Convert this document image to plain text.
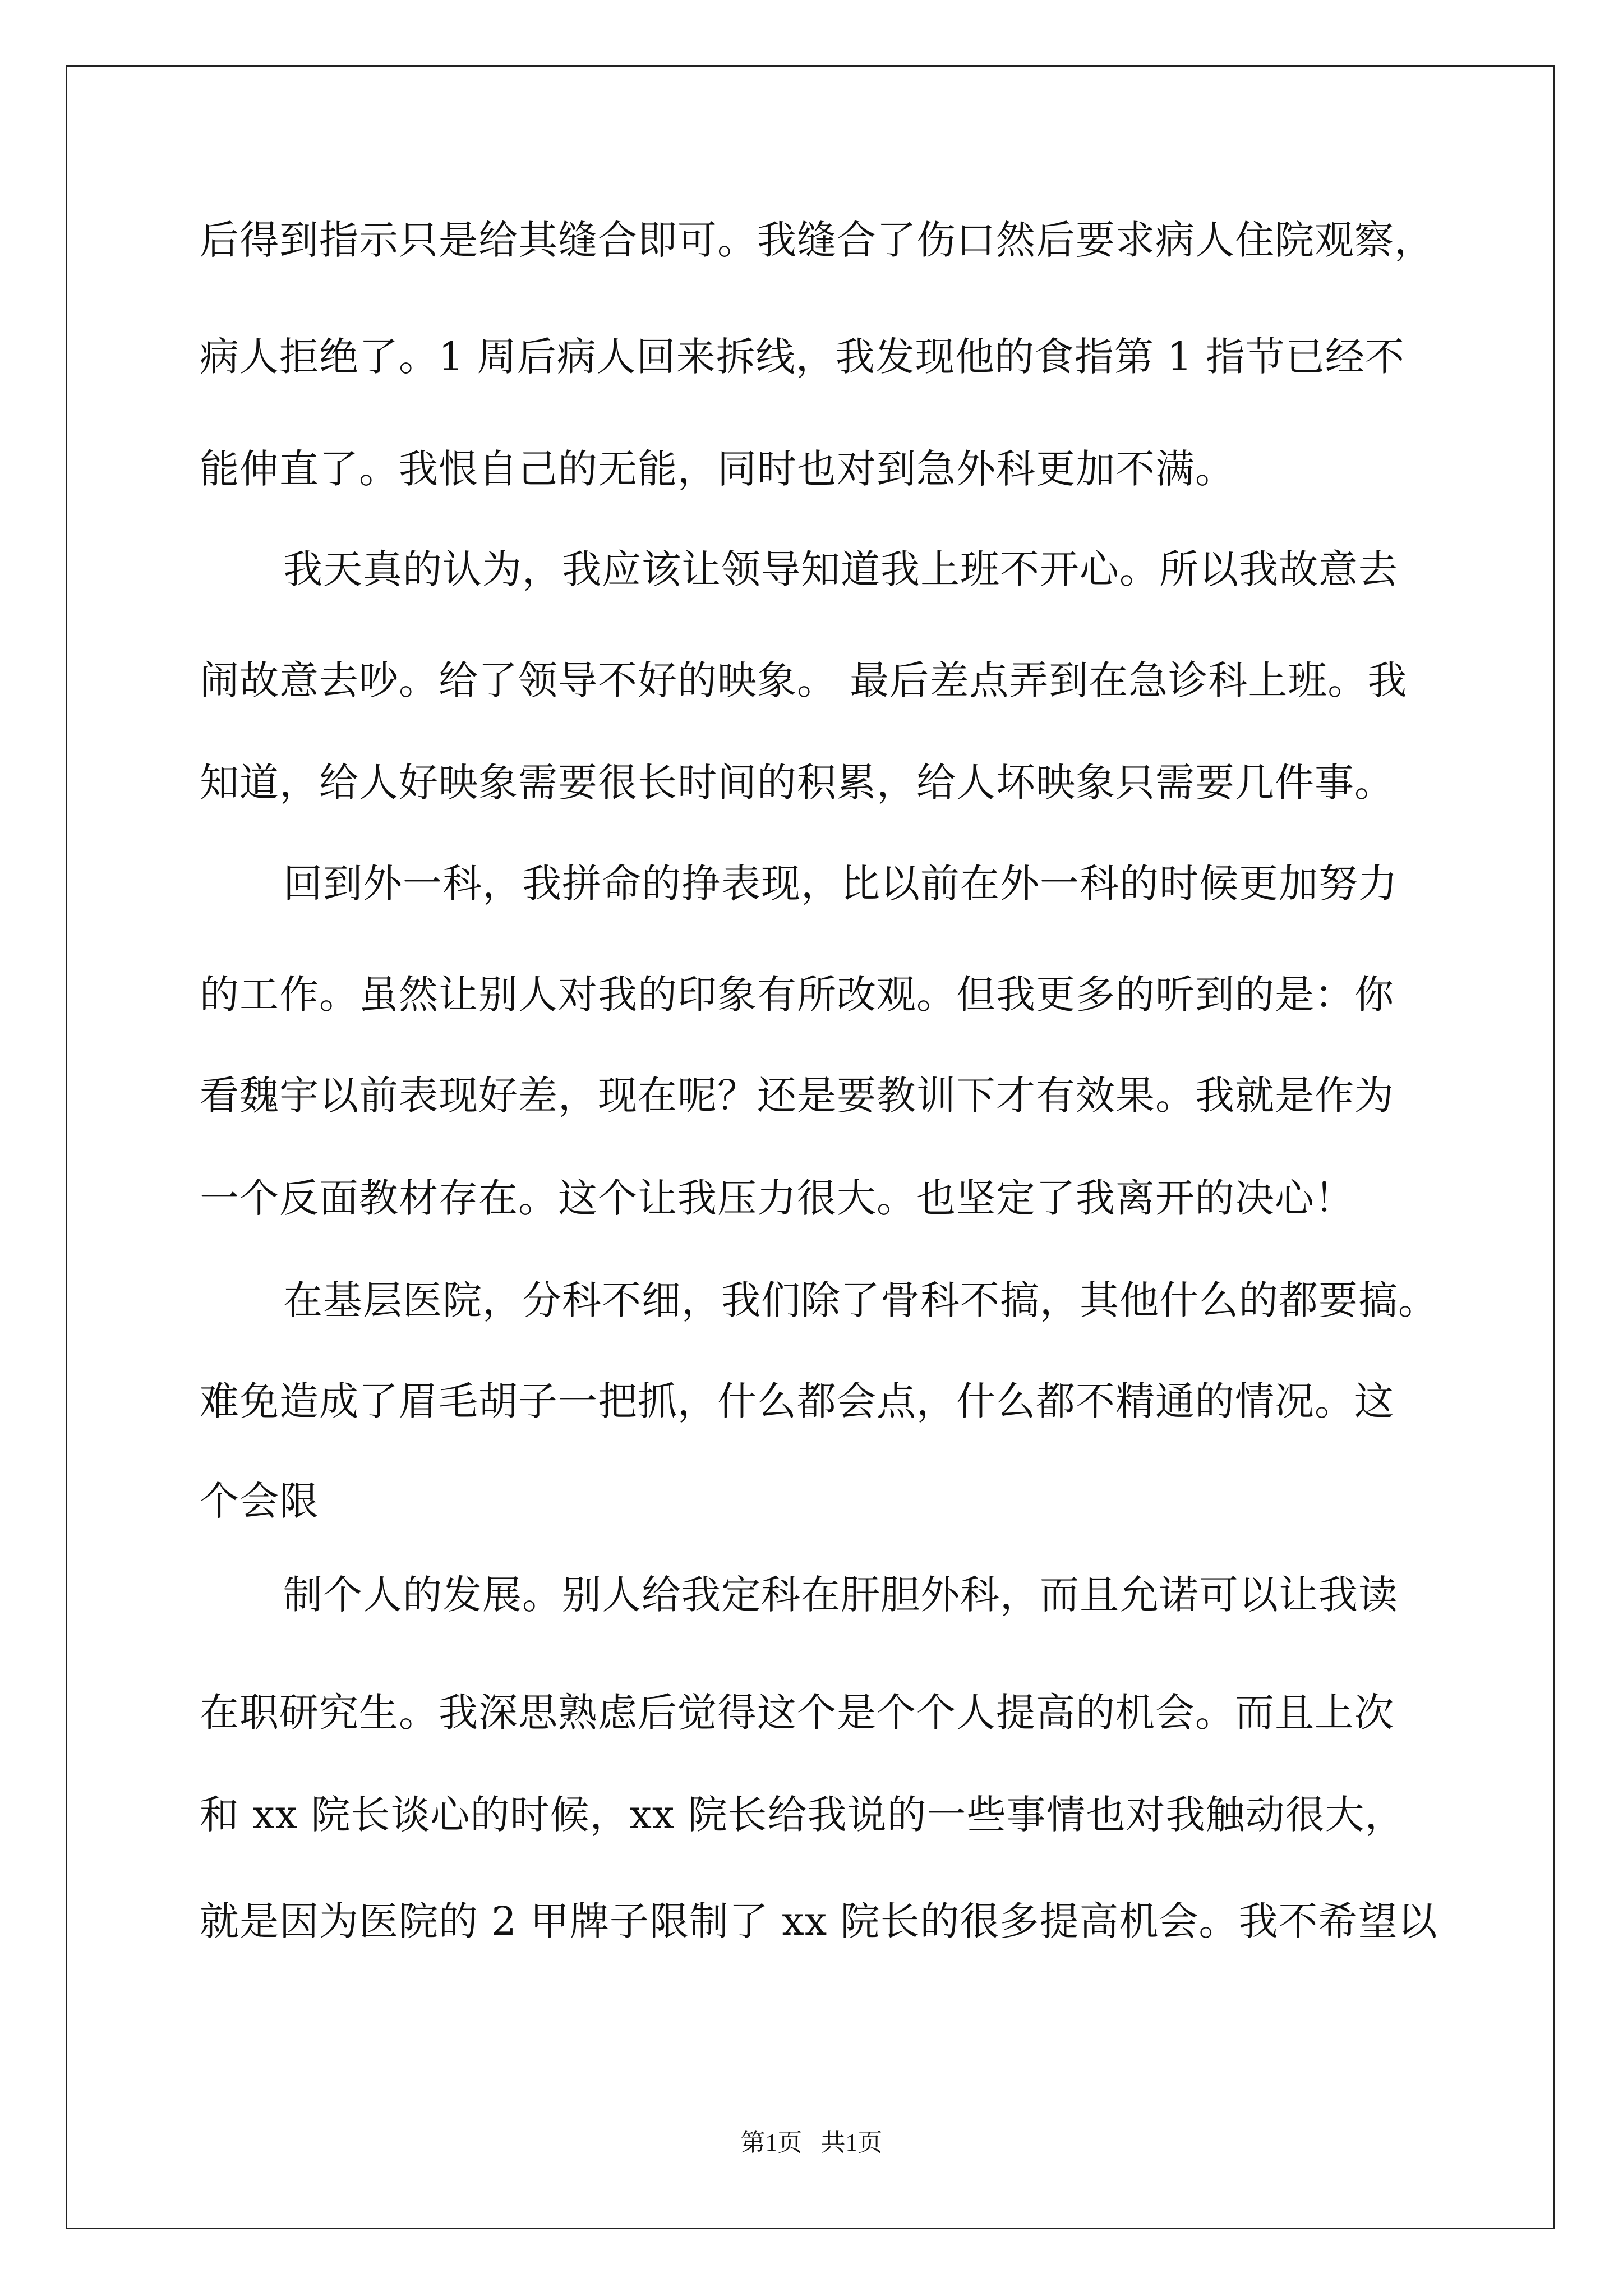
后得到指示只是给其缝合即可。我缝合了伤口然后要求病人住院观察，
病人拒绝了。1 周后病人回来拆线，我发现他的食指第 1 指节已经不
能伸直了。我恨自己的无能，同时也对到急外科更加不满。
我天真的认为，我应该让领导知道我上班不开心。所以我故意去
闹故意去吵。给了领导不好的映象。 最后差点弄到在急诊科上班。我
知道，给人好映象需要很长时间的积累，给人坏映象只需要几件事。
回到外一科，我拼命的挣表现，比以前在外一科的时候更加努力
的工作。虽然让别人对我的印象有所改观。但我更多的听到的是：你
看魏宇以前表现好差，现在呢？还是要教训下才有效果。我就是作为
一个反面教材存在。这个让我压力很大。也坚定了我离开的决心！
在基层医院，分科不细，我们除了骨科不搞，其他什么的都要搞。
难免造成了眉毛胡子一把抓，什么都会点，什么都不精通的情况。这
个会限
制个人的发展。别人给我定科在肝胆外科，而且允诺可以让我读
在职研究生。我深思熟虑后觉得这个是个个人提高的机会。而且上次
和 xx 院长谈心的时候，xx 院长给我说的一些事情也对我触动很大，
就是因为医院的 2 甲牌子限制了 xx 院长的很多提高机会。我不希望以
第1页   共1页
